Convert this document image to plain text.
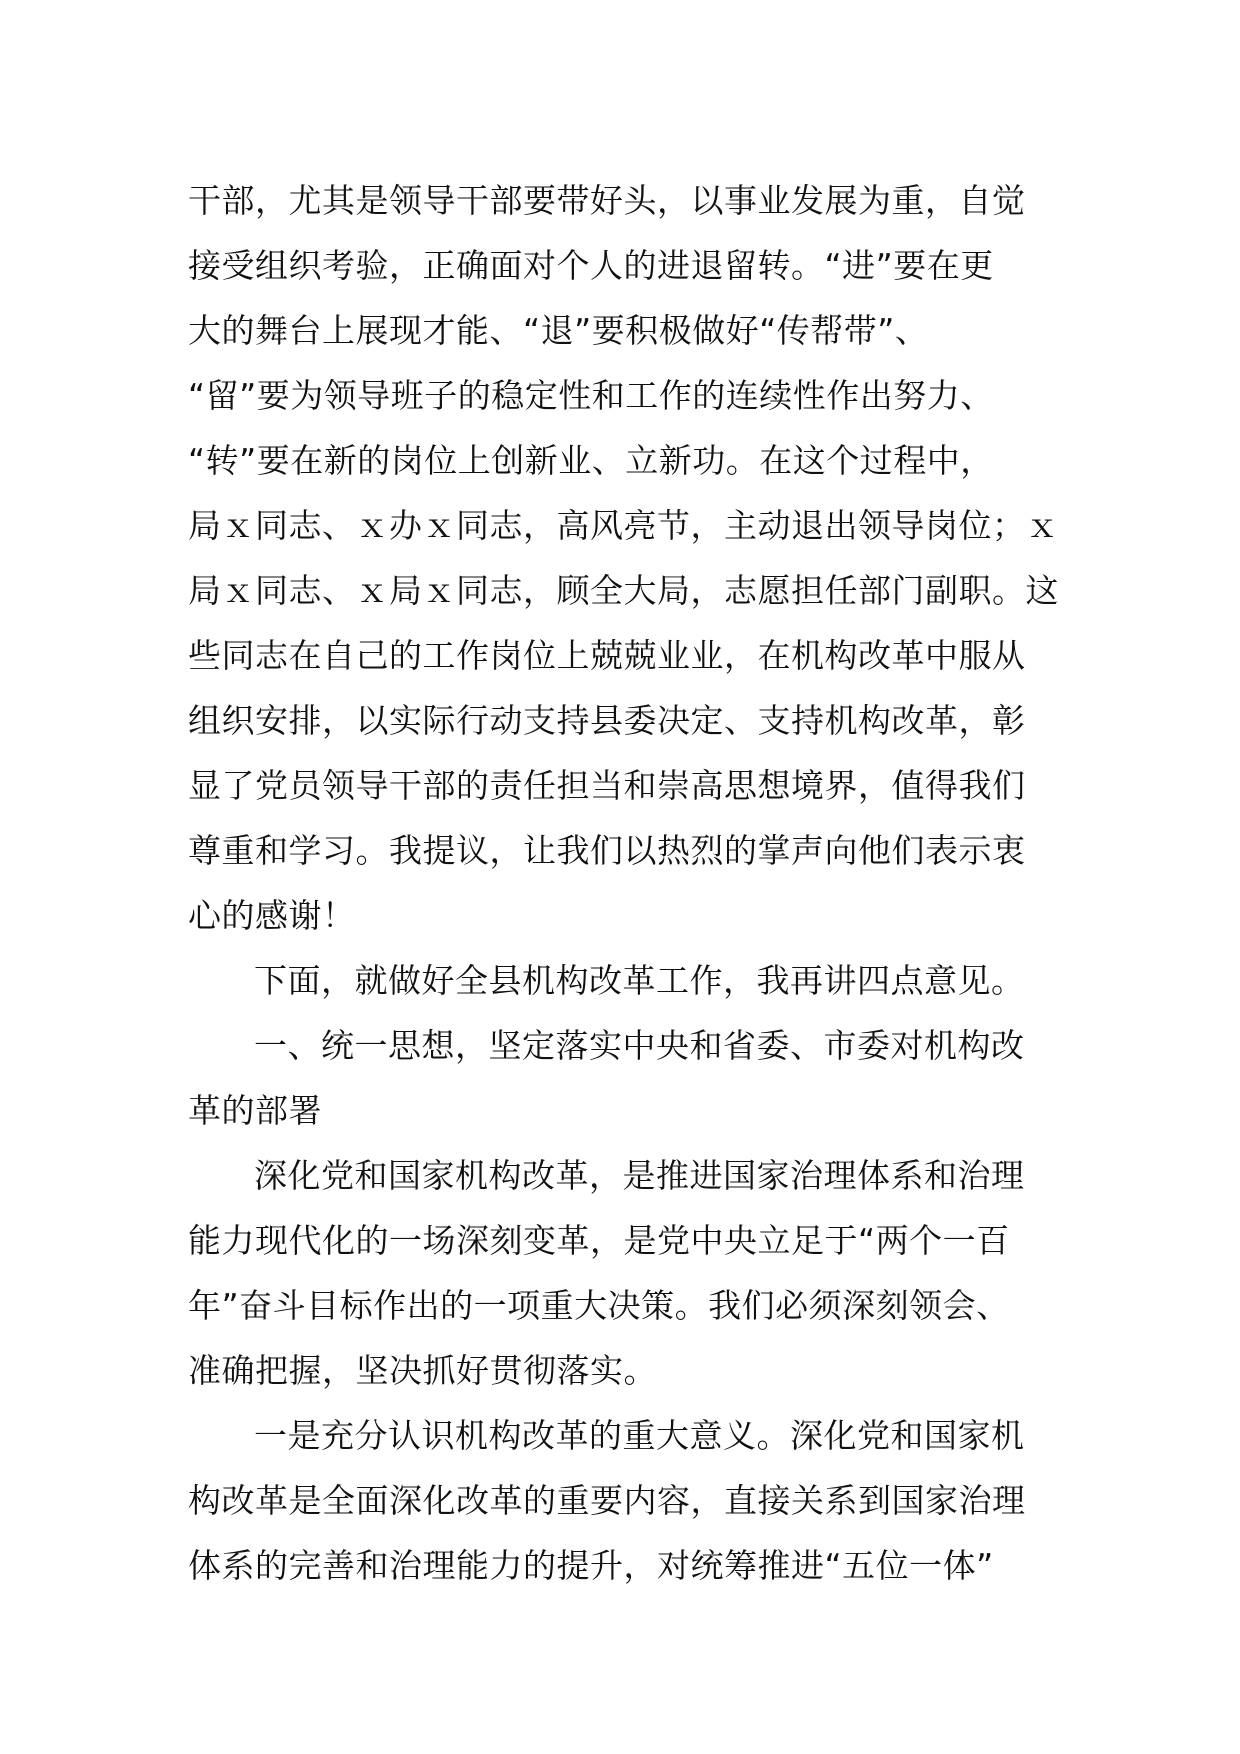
干部，尤其是领导干部要带好头，以事业发展为重，自觉
接受组织考验，正确面对个人的进退留转。“进”要在更
大的舞台上展现才能、“退”要积极做好“传帮带”、
“留”要为领导班子的稳定性和工作的连续性作出努力、
“转”要在新的岗位上创新业、立新功。在这个过程中，
局ｘ同志、ｘ办ｘ同志，高风亮节，主动退出领导岗位；ｘ
局ｘ同志、ｘ局ｘ同志，顾全大局，志愿担任部门副职。这
些同志在自己的工作岗位上兢兢业业，在机构改革中服从
组织安排，以实际行动支持县委决定、支持机构改革，彰
显了党员领导干部的责任担当和崇高思想境界，值得我们
尊重和学习。我提议，让我们以热烈的掌声向他们表示衷
心的感谢！
下面，就做好全县机构改革工作，我再讲四点意见。
一、统一思想，坚定落实中央和省委、市委对机构改
革的部署
深化党和国家机构改革，是推进国家治理体系和治理
能力现代化的一场深刻变革，是党中央立足于“两个一百
年”奋斗目标作出的一项重大决策。我们必须深刻领会、
准确把握，坚决抓好贯彻落实。
一是充分认识机构改革的重大意义。深化党和国家机
构改革是全面深化改革的重要内容，直接关系到国家治理
体系的完善和治理能力的提升，对统筹推进“五位一体”
